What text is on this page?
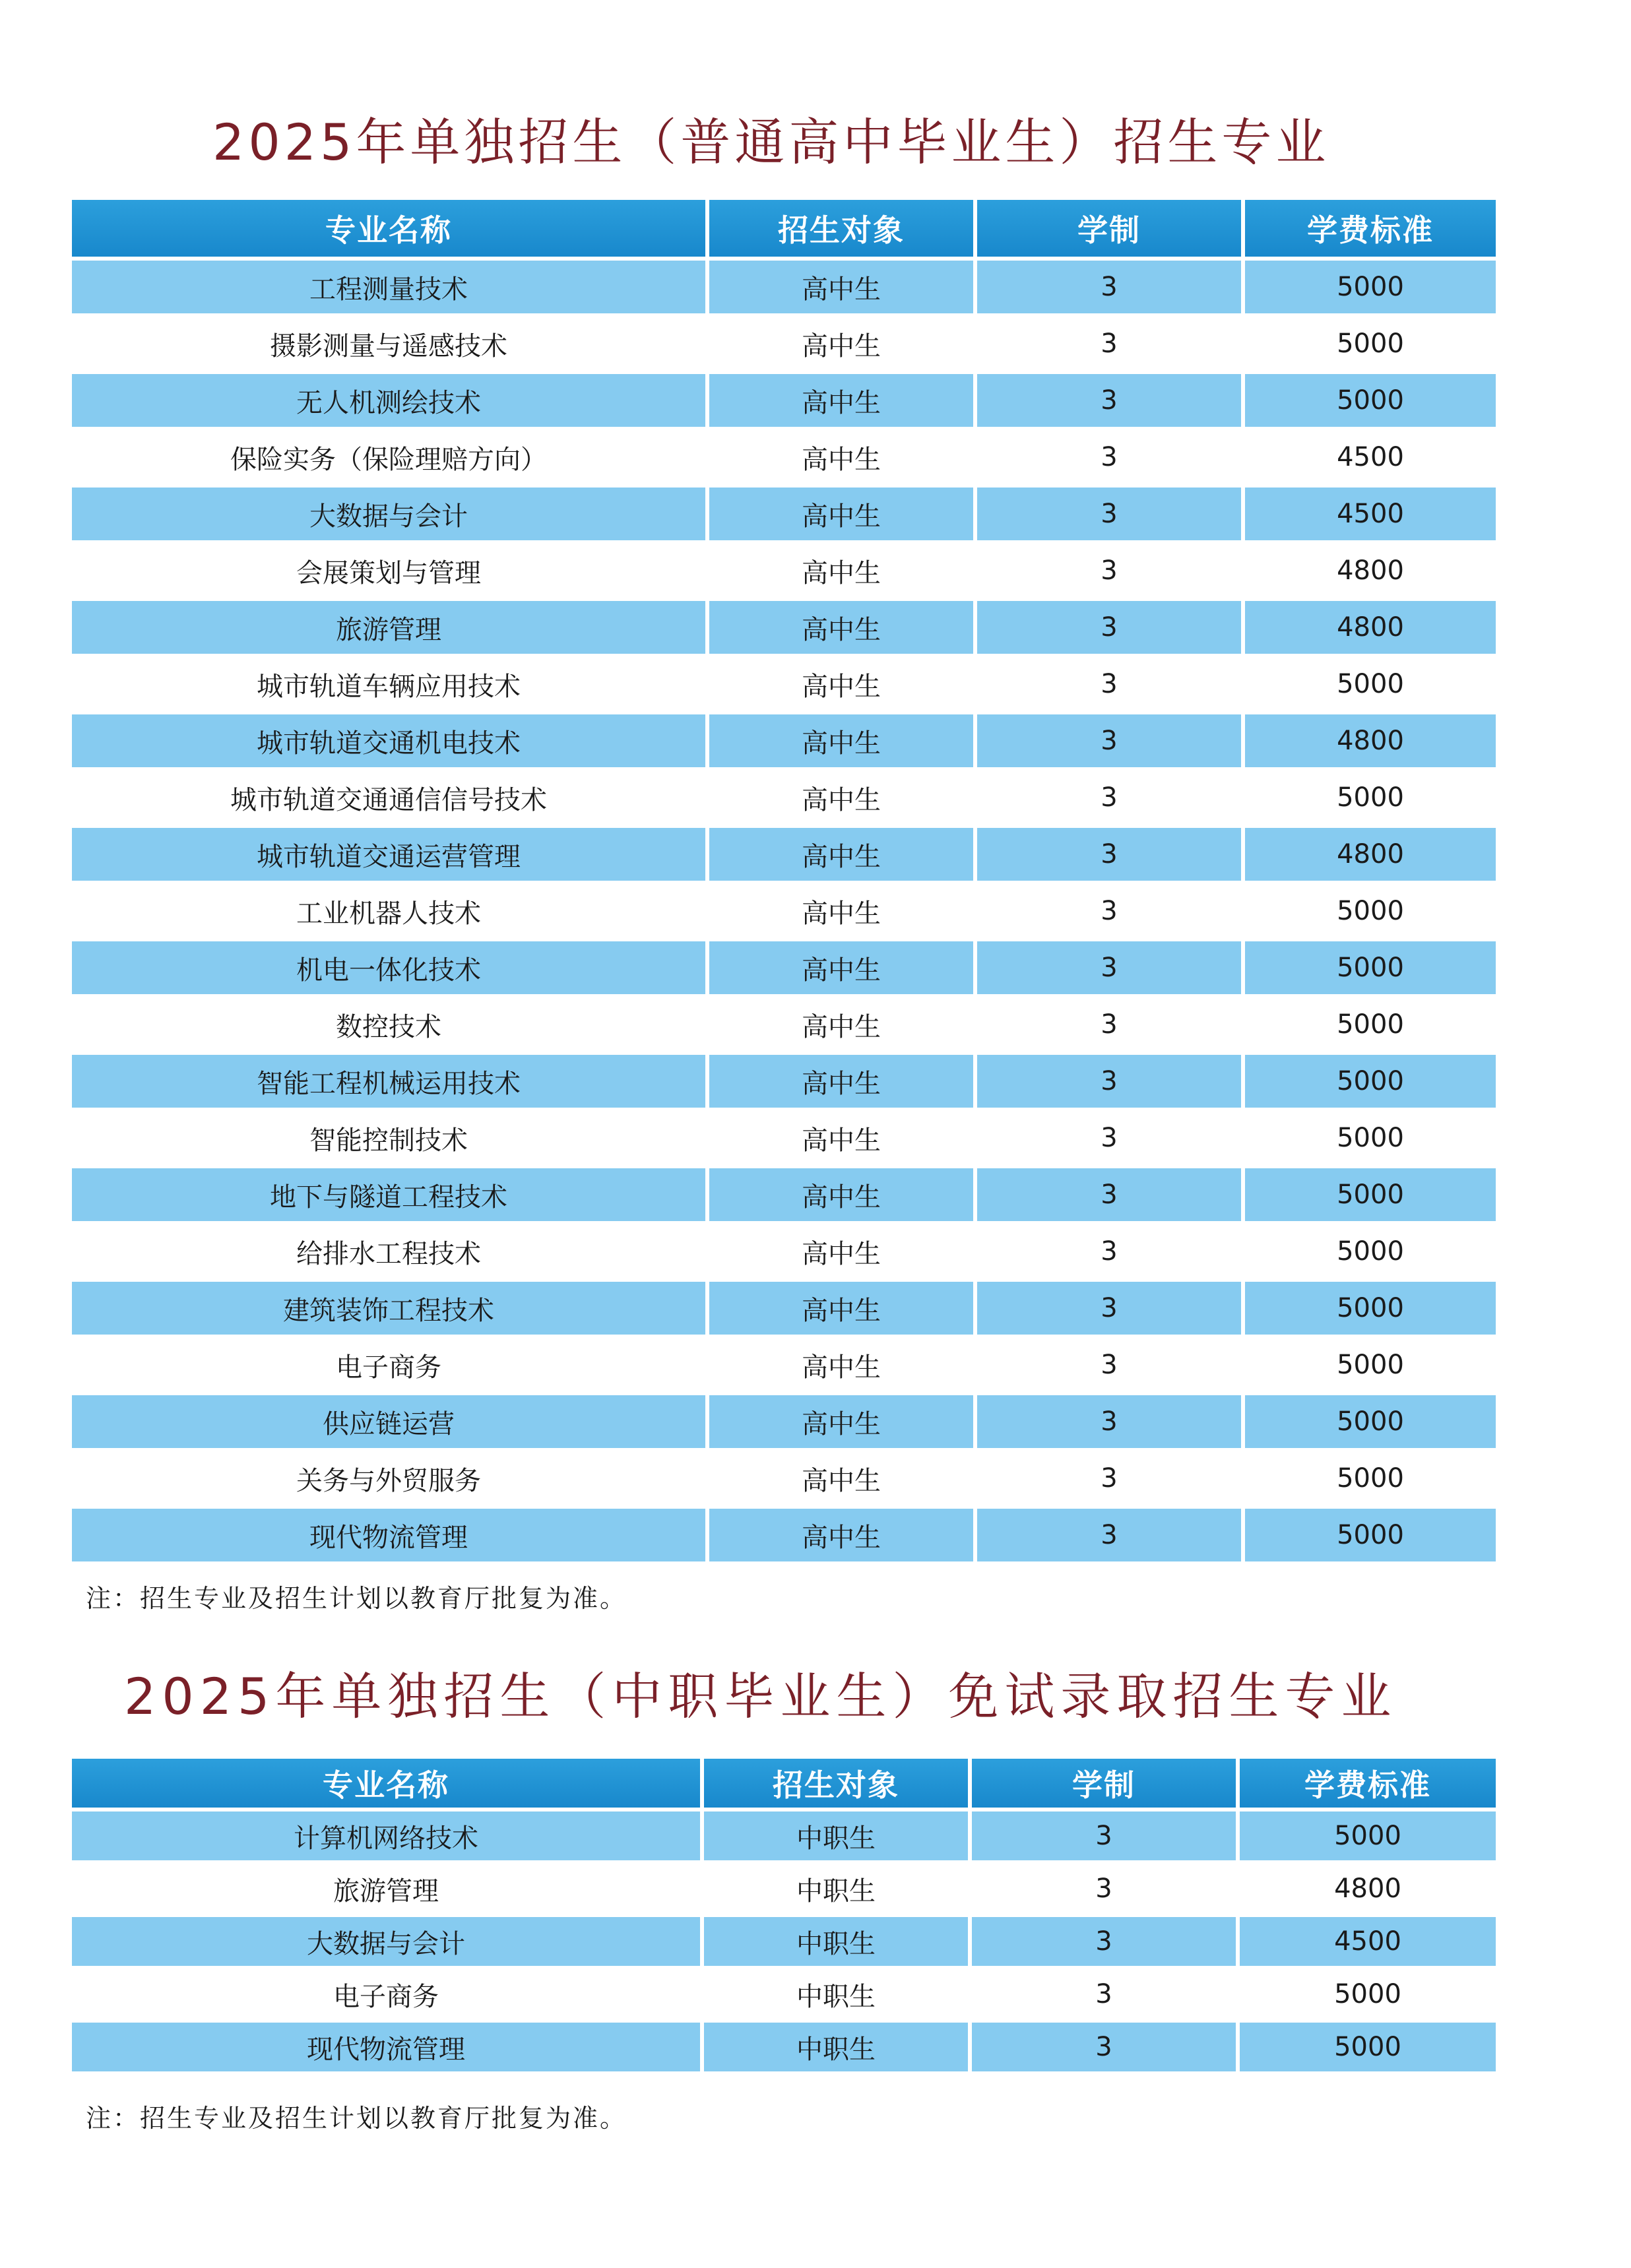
2025年单独招生（普通高中毕业生）招生专业
专业名称	招生对象	学制	学费标准
工程测量技术	高中生	3	5000
摄影测量与遥感技术	高中生	3	5000
无人机测绘技术	高中生	3	5000
保险实务（保险理赔方向）	高中生	3	4500
大数据与会计	高中生	3	4500
会展策划与管理	高中生	3	4800
旅游管理	高中生	3	4800
城市轨道车辆应用技术	高中生	3	5000
城市轨道交通机电技术	高中生	3	4800
城市轨道交通通信信号技术	高中生	3	5000
城市轨道交通运营管理	高中生	3	4800
工业机器人技术	高中生	3	5000
机电一体化技术	高中生	3	5000
数控技术	高中生	3	5000
智能工程机械运用技术	高中生	3	5000
智能控制技术	高中生	3	5000
地下与隧道工程技术	高中生	3	5000
给排水工程技术	高中生	3	5000
建筑装饰工程技术	高中生	3	5000
电子商务	高中生	3	5000
供应链运营	高中生	3	5000
关务与外贸服务	高中生	3	5000
现代物流管理	高中生	3	5000
注：招生专业及招生计划以教育厅批复为准。
2025年单独招生（中职毕业生）免试录取招生专业
专业名称	招生对象	学制	学费标准
计算机网络技术	中职生	3	5000
旅游管理	中职生	3	4800
大数据与会计	中职生	3	4500
电子商务	中职生	3	5000
现代物流管理	中职生	3	5000
注：招生专业及招生计划以教育厅批复为准。
